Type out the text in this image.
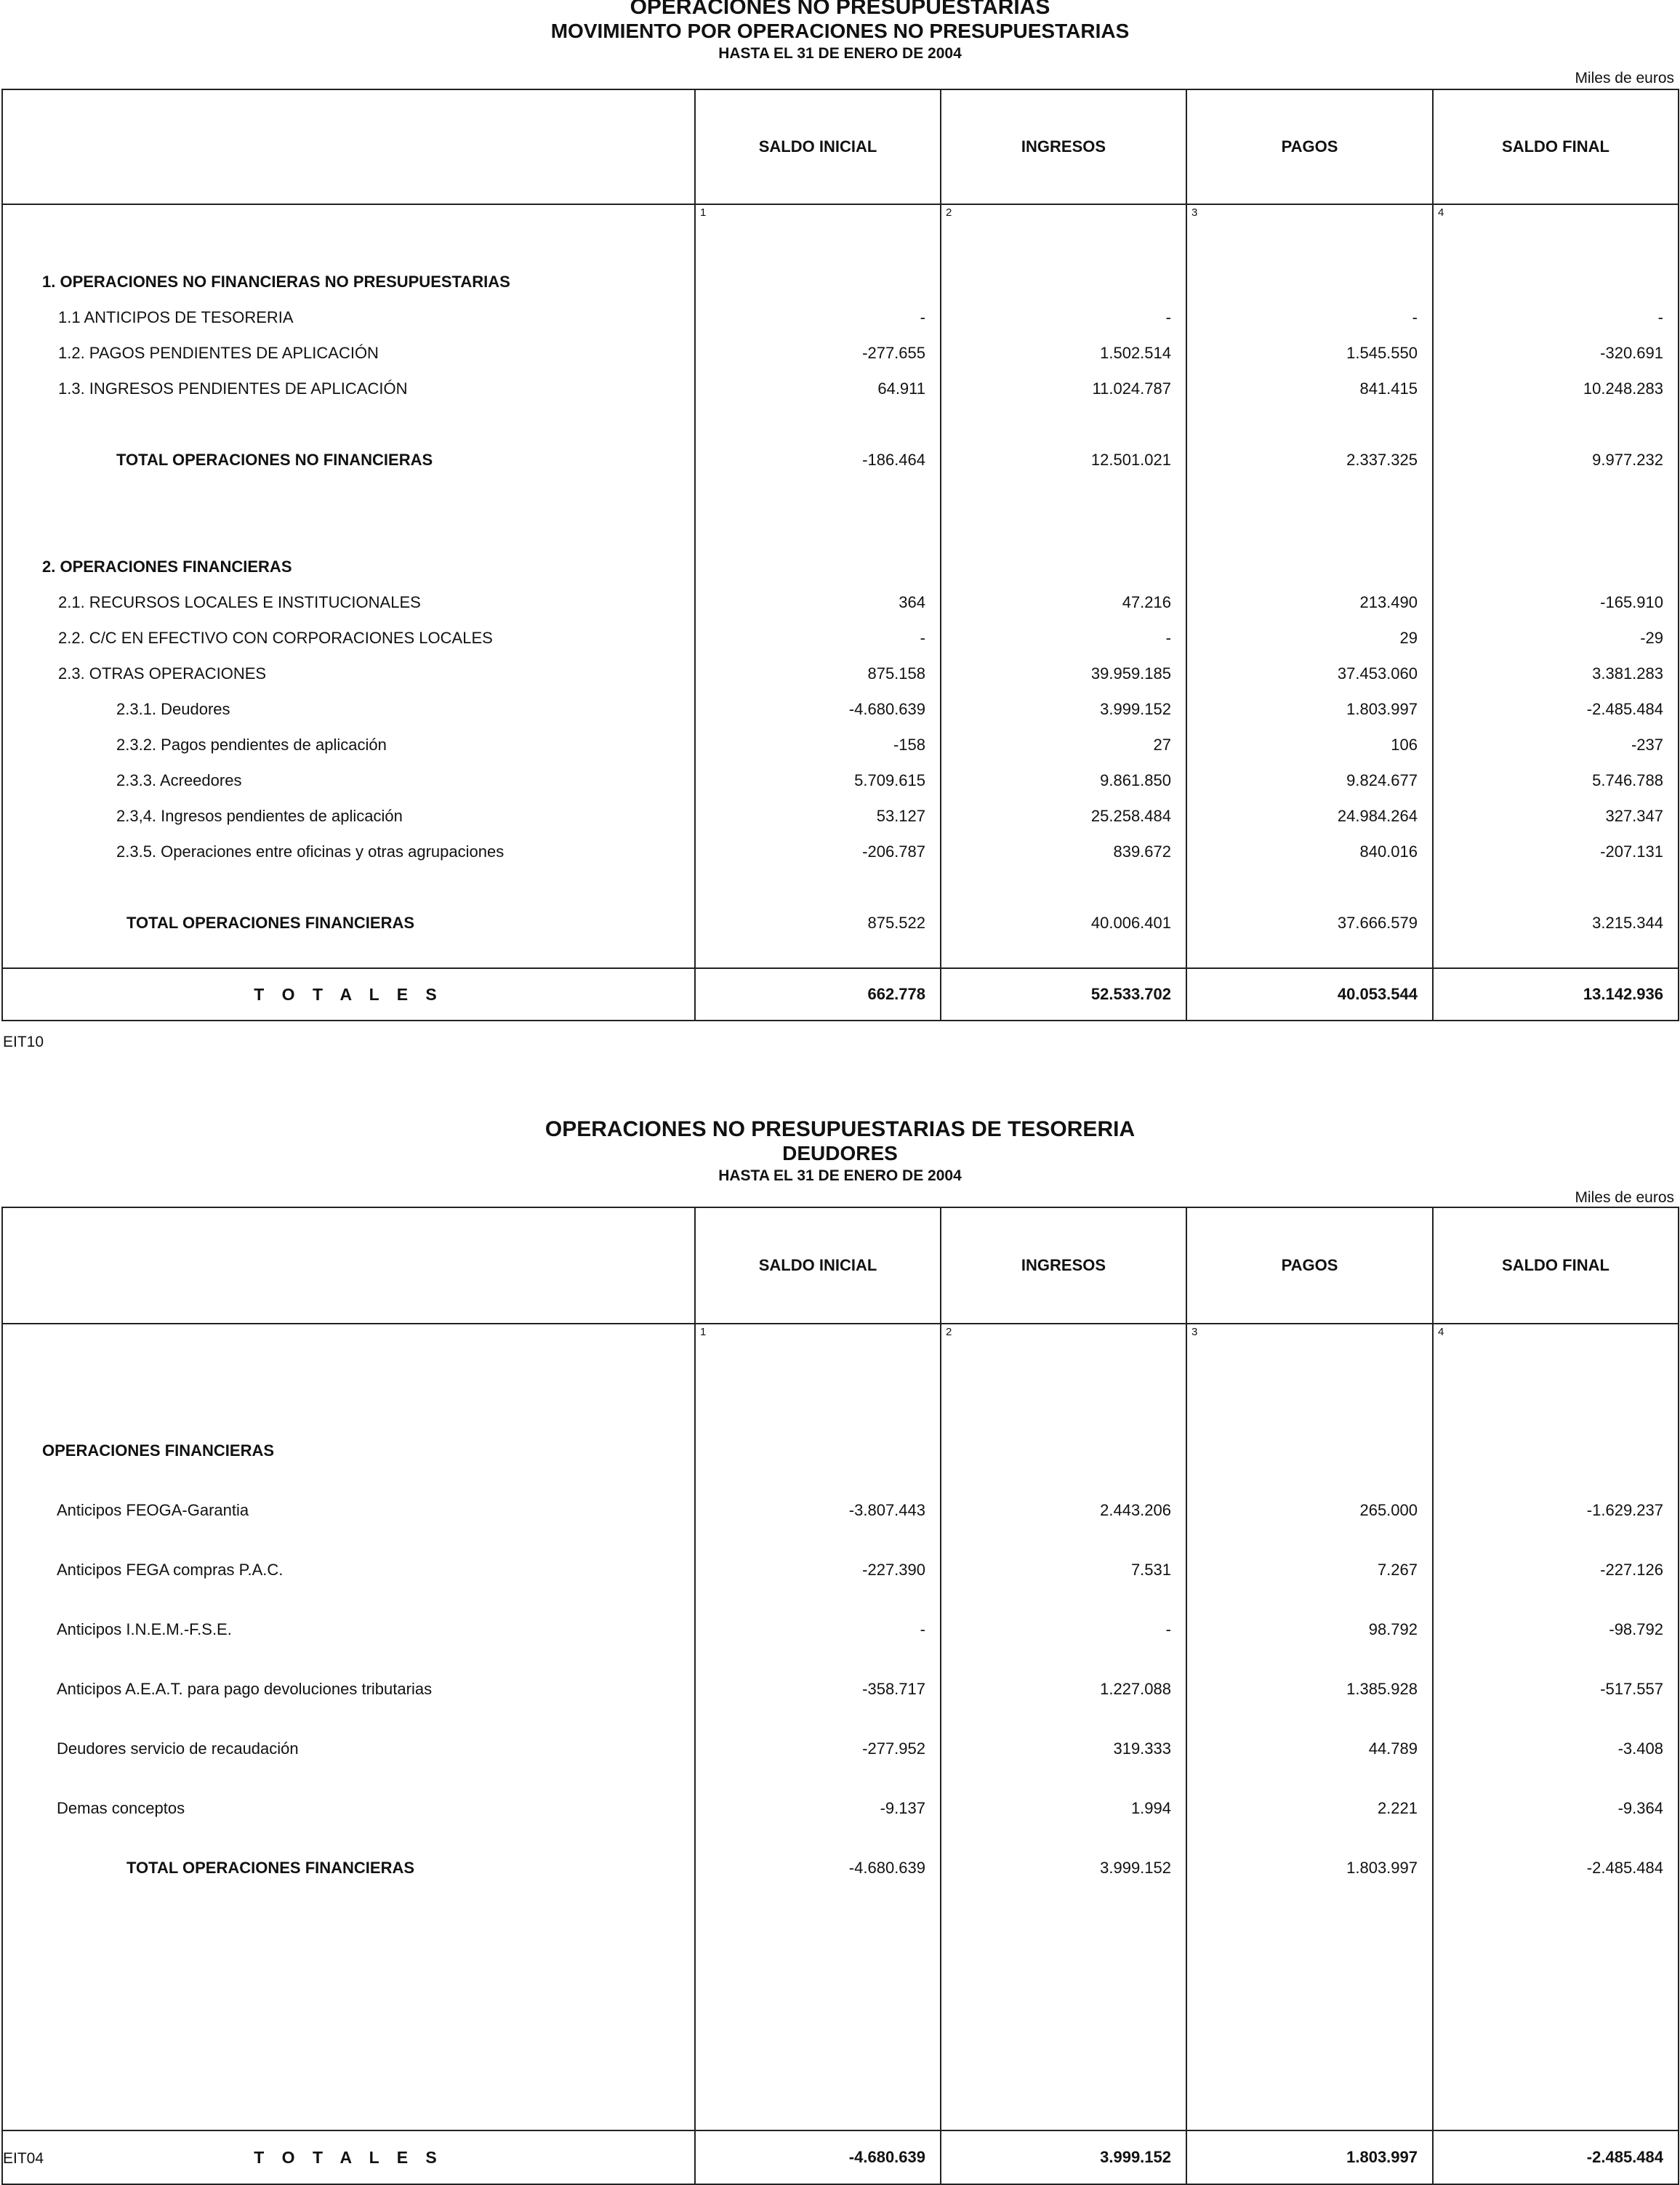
OPERACIONES NO PRESUPUESTARIAS
MOVIMIENTO POR OPERACIONES NO PRESUPUESTARIAS
HASTA EL 31 DE ENERO DE 2004
Miles de euros
	SALDO INICIAL	INGRESOS	PAGOS	SALDO FINAL
	1	2	3	4
1. OPERACIONES NO FINANCIERAS NO PRESUPUESTARIAS				
1.1 ANTICIPOS DE TESORERIA	-	-	-	-
1.2. PAGOS PENDIENTES DE APLICACIÓN	-277.655	1.502.514	1.545.550	-320.691
1.3. INGRESOS PENDIENTES DE APLICACIÓN	64.911	11.024.787	841.415	10.248.283

TOTAL OPERACIONES NO FINANCIERAS	-186.464	12.501.021	2.337.325	9.977.232

2. OPERACIONES FINANCIERAS				
2.1. RECURSOS LOCALES E INSTITUCIONALES	364	47.216	213.490	-165.910
2.2. C/C EN EFECTIVO CON CORPORACIONES LOCALES	-	-	29	-29
2.3. OTRAS OPERACIONES	875.158	39.959.185	37.453.060	3.381.283
2.3.1. Deudores	-4.680.639	3.999.152	1.803.997	-2.485.484
2.3.2. Pagos pendientes de aplicación	-158	27	106	-237
2.3.3. Acreedores	5.709.615	9.861.850	9.824.677	5.746.788
2.3,4. Ingresos pendientes de aplicación	53.127	25.258.484	24.984.264	327.347
2.3.5. Operaciones entre oficinas y otras agrupaciones	-206.787	839.672	840.016	-207.131

TOTAL OPERACIONES FINANCIERAS	875.522	40.006.401	37.666.579	3.215.344

T O T A L E S	662.778	52.533.702	40.053.544	13.142.936
EIT10
OPERACIONES NO PRESUPUESTARIAS DE TESORERIA
DEUDORES
HASTA EL 31 DE ENERO DE 2004
Miles de euros
	SALDO INICIAL	INGRESOS	PAGOS	SALDO FINAL
	1	2	3	4
OPERACIONES FINANCIERAS				
Anticipos FEOGA-Garantia	-3.807.443	2.443.206	265.000	-1.629.237
Anticipos FEGA compras P.A.C.	-227.390	7.531	7.267	-227.126
Anticipos I.N.E.M.-F.S.E.	-	-	98.792	-98.792
Anticipos A.E.A.T. para pago devoluciones tributarias	-358.717	1.227.088	1.385.928	-517.557
Deudores servicio de recaudación	-277.952	319.333	44.789	-3.408
Demas conceptos	-9.137	1.994	2.221	-9.364
TOTAL OPERACIONES FINANCIERAS	-4.680.639	3.999.152	1.803.997	-2.485.484

T O T A L E S	-4.680.639	3.999.152	1.803.997	-2.485.484
EIT04
